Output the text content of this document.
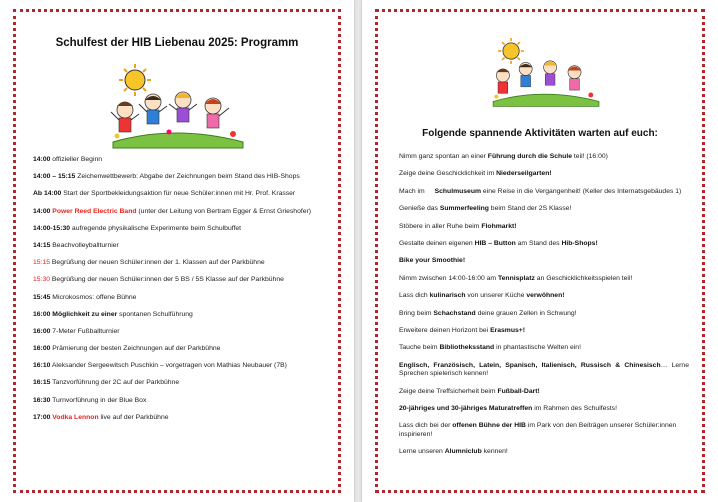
Schulfest der HIB Liebenau 2025: Programm
14:00 offizieller Beginn
14:00 – 15:15 Zeichenwettbewerb: Abgabe der Zeichnungen beim Stand des HIB-Shops
Ab 14:00 Start der Sportbekleidungsaktion für neue Schüler:innen mit Hr. Prof. Krasser
14:00 Power Reed Electric Band (unter der Leitung von Bertram Egger & Ernst Grieshofer)
14:00-15:30 aufregende physikalische Experimente beim Schulbuffet
14:15 Beachvolleyballturnier
15:15 Begrüßung der neuen Schüler:innen der 1. Klassen auf der Parkbühne
15:30 Begrüßung der neuen Schüler:innen der 5 BS / 5S Klasse auf der Parkbühne
15:45 Microkosmos: offene Bühne
16:00 Möglichkeit zu einer spontanen Schulführung
16:00 7-Meter Fußballturnier
16:00 Prämierung der besten Zeichnungen auf der Parkbühne
16:10 Aleksander Sergeewitsch Puschkin – vorgetragen von Mathias Neubauer (7B)
16:15 Tanzvorführung der 2C auf der Parkbühne
16:30 Turnvorführung in der Blue Box
17:00 Vodka Lennon live auf der Parkbühne
Folgende spannende Aktivitäten warten auf euch:
Nimm ganz spontan an einer Führung durch die Schule teil! (16:00)
Zeige deine Geschicklichkeit im Niederseilgarten!
Mach im Schulmuseum eine Reise in die Vergangenheit! (Keller des Internatsgebäudes 1)
Genieße das Summerfeeling beim Stand der 2S Klasse!
Stöbere in aller Ruhe beim Flohmarkt!
Gestalte deinen eigenen HIB – Button am Stand des Hib-Shops!
Bike your Smoothie!
Nimm zwischen 14:00-16:00 am Tennisplatz an Geschicklichkeitsspielen teil!
Lass dich kulinarisch von unserer Küche verwöhnen!
Bring beim Schachstand deine grauen Zellen in Schwung!
Erweitere deinen Horizont bei Erasmus+!
Tauche beim Bibliotheksstand in phantastische Welten ein!
Englisch, Französisch, Latein, Spanisch, Italienisch, Russisch & Chinesisch… Lerne Sprechen spielerisch kennen!
Zeige deine Treffsicherheit beim Fußball-Dart!
20-jähriges und 30-jähriges Maturatreffen im Rahmen des Schulfests!
Lass dich bei der offenen Bühne der HIB im Park von den Beiträgen unserer Schüler:innen inspirieren!
Lerne unseren Alumniclub kennen!
